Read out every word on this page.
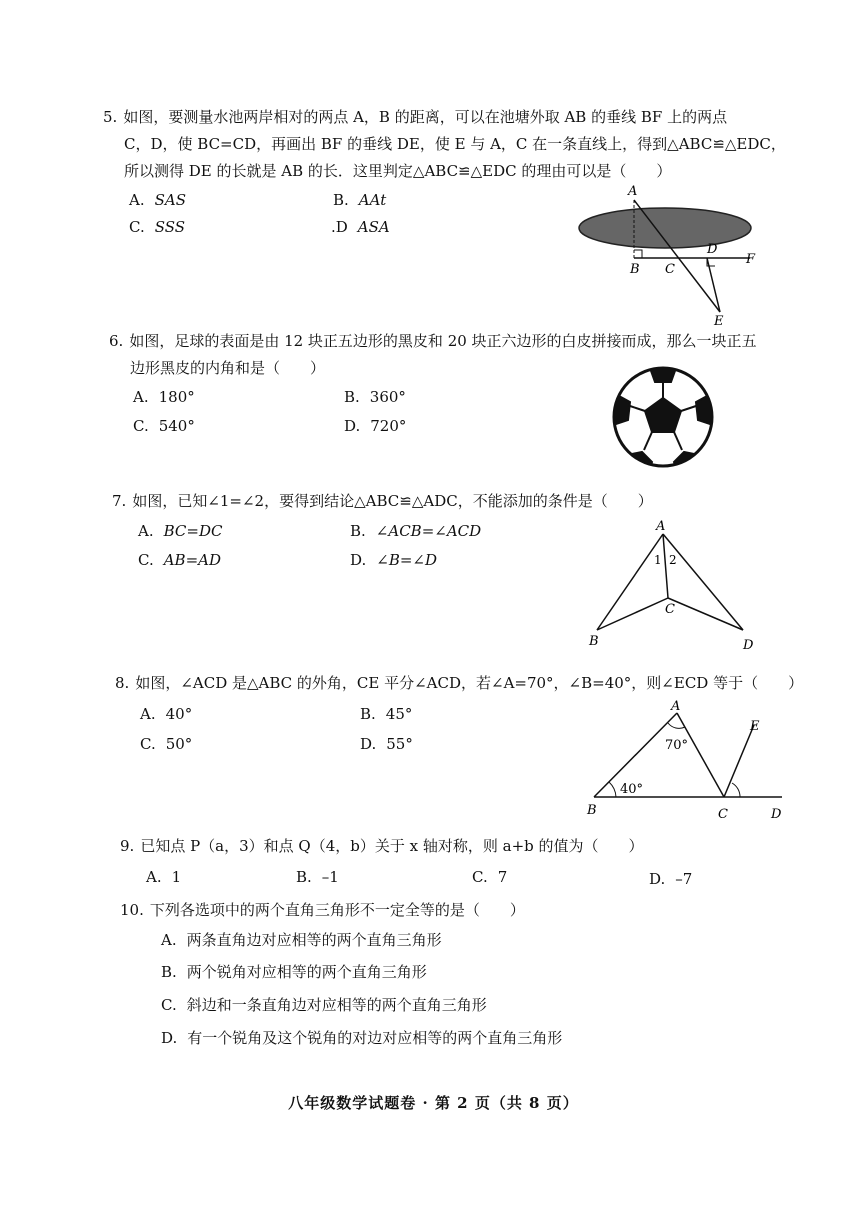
5. 如图，要测量水池两岸相对的两点 A，B 的距离，可以在池塘外取 AB 的垂线 BF 上的两点
C，D，使 BC=CD，再画出 BF 的垂线 DE，使 E 与 A，C 在一条直线上，得到△ABC≌△EDC，
所以测得 DE 的长就是 AB 的长．这里判定△ABC≌△EDC 的理由可以是（　　）
A. SAS	B. AAt
C. SSS	.D ASA
A
B C
D
F
E
6. 如图，足球的表面是由 12 块正五边形的黑皮和 20 块正六边形的白皮拼接而成，那么一块正五
边形黑皮的内角和是（　　）
A. 180°	B. 360°
C. 540°	D. 720°
7. 如图，已知∠1=∠2，要得到结论△ABC≌△ADC，不能添加的条件是（　　）
A. BC=DC	B. ∠ACB=∠ACD
C. AB=AD	D. ∠B=∠D
A
1 2
C
B	D
8. 如图，∠ACD 是△ABC 的外角，CE 平分∠ACD，若∠A=70°，∠B=40°，则∠ECD 等于（　　）
A. 40°	B. 45°
C. 50°	D. 55°
A
70°
E
40°
B	C	D
9. 已知点 P（a，3）和点 Q（4，b）关于 x 轴对称，则 a+b 的值为（　　）
A. 1	B. –1	C. 7	D. –7
10. 下列各选项中的两个直角三角形不一定全等的是（　　）
A. 两条直角边对应相等的两个直角三角形
B. 两个锐角对应相等的两个直角三角形
C. 斜边和一条直角边对应相等的两个直角三角形
D. 有一个锐角及这个锐角的对边对应相等的两个直角三角形
八年级数学试题卷 · 第 2 页（共 8 页）
